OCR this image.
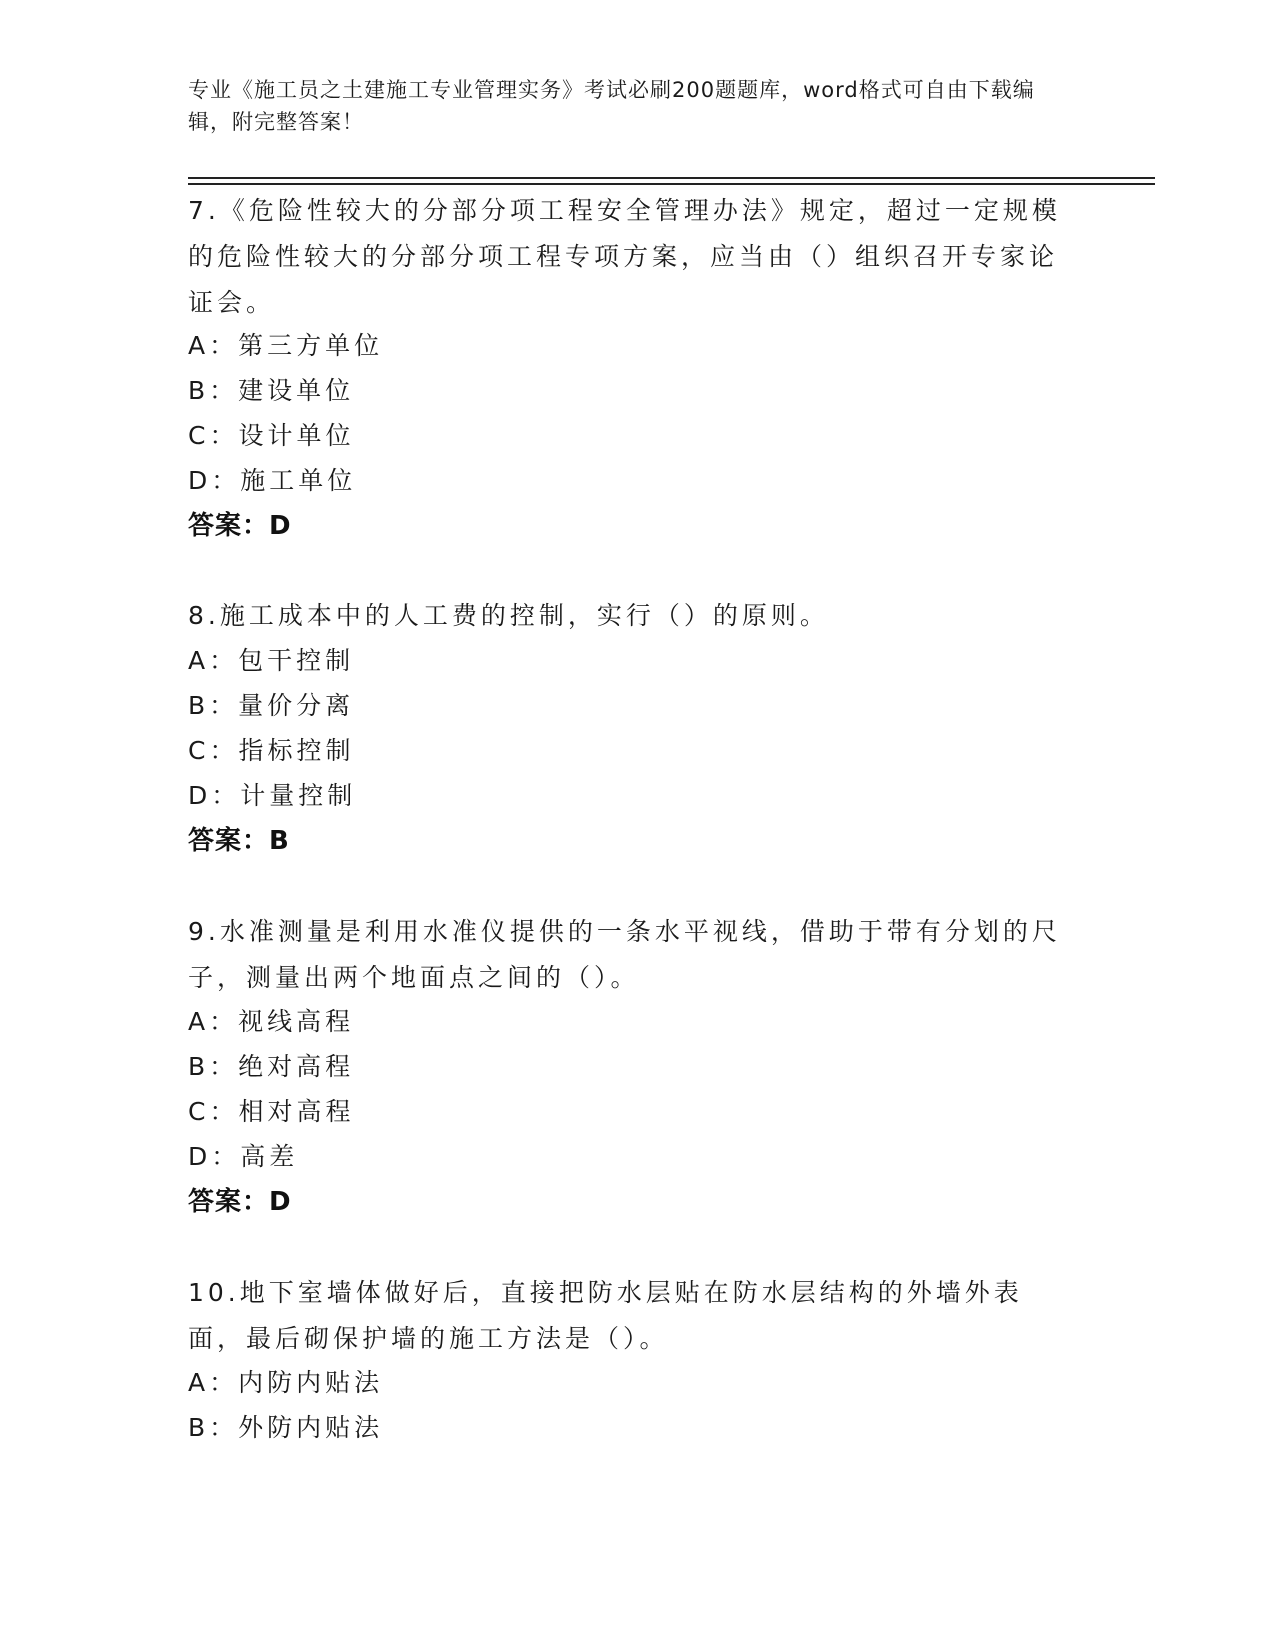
专业《施工员之土建施工专业管理实务》考试必刷200题题库，word格式可自由下载编辑，附完整答案！

7.《危险性较大的分部分项工程安全管理办法》规定，超过一定规模的危险性较大的分部分项工程专项方案，应当由（）组织召开专家论证会。

A：第三方单位
B：建设单位
C：设计单位
D：施工单位
答案：D

8.施工成本中的人工费的控制，实行（）的原则。

A：包干控制
B：量价分离
C：指标控制
D：计量控制
答案：B

9.水准测量是利用水准仪提供的一条水平视线，借助于带有分划的尺子，测量出两个地面点之间的（）。

A：视线高程
B：绝对高程
C：相对高程
D：高差
答案：D

10.地下室墙体做好后，直接把防水层贴在防水层结构的外墙外表面，最后砌保护墙的施工方法是（）。

A：内防内贴法
B：外防内贴法
